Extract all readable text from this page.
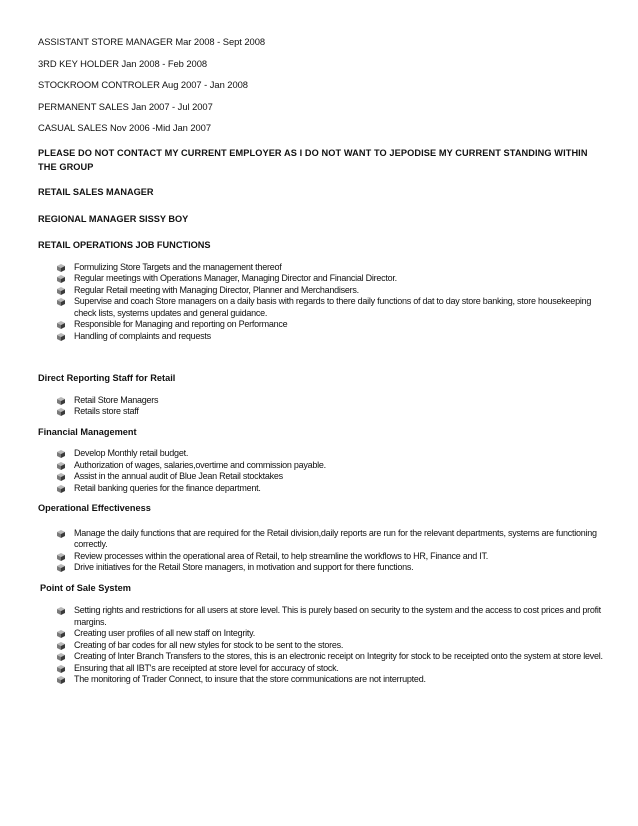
ASSISTANT STORE MANAGER Mar 2008 - Sept 2008
3RD KEY HOLDER Jan 2008 - Feb 2008
STOCKROOM CONTROLER Aug 2007 - Jan 2008
PERMANENT SALES Jan 2007 - Jul 2007
CASUAL SALES Nov 2006 -Mid Jan 2007
PLEASE DO NOT CONTACT MY CURRENT EMPLOYER AS I DO NOT WANT TO JEPODISE MY CURRENT STANDING WITHIN THE GROUP
RETAIL SALES MANAGER
REGIONAL MANAGER SISSY BOY
RETAIL OPERATIONS JOB FUNCTIONS
Formulizing Store Targets and the management thereof
Regular meetings with Operations Manager, Managing Director and Financial Director.
Regular Retail meeting with Managing Director, Planner and Merchandisers.
Supervise and coach Store managers on a daily basis with regards to there daily functions of dat to day store banking, store housekeeping check lists, systems updates and general guidance.
Responsible for Managing and reporting on Performance
Handling of complaints and requests
Direct Reporting Staff for Retail
Retail Store Managers
Retails store staff
Financial Management
Develop Monthly retail budget.
Authorization of wages, salaries,overtime and commission payable.
Assist in the annual audit of Blue Jean Retail stocktakes
Retail banking queries for the finance department.
Operational Effectiveness
Manage the daily functions that are required for the Retail division,daily reports are run for the relevant departments, systems are functioning correctly.
Review processes within the operational area of Retail, to help streamline the workflows to HR, Finance and IT.
Drive initiatives for the Retail Store managers, in motivation and support for there functions.
Point of Sale System
Setting rights and restrictions for all users at store level. This is purely based on security to the system and the access to cost prices and profit margins.
Creating user profiles of all new staff on Integrity.
Creating of bar codes for all new styles for stock to be sent to the stores.
Creating of Inter Branch Transfers to the stores, this is an electronic receipt on Integrity for stock to be receipted onto the system at store level.
Ensuring that all IBT's are receipted at store level for accuracy of stock.
The monitoring of Trader Connect, to insure that the store communications are not interrupted.
